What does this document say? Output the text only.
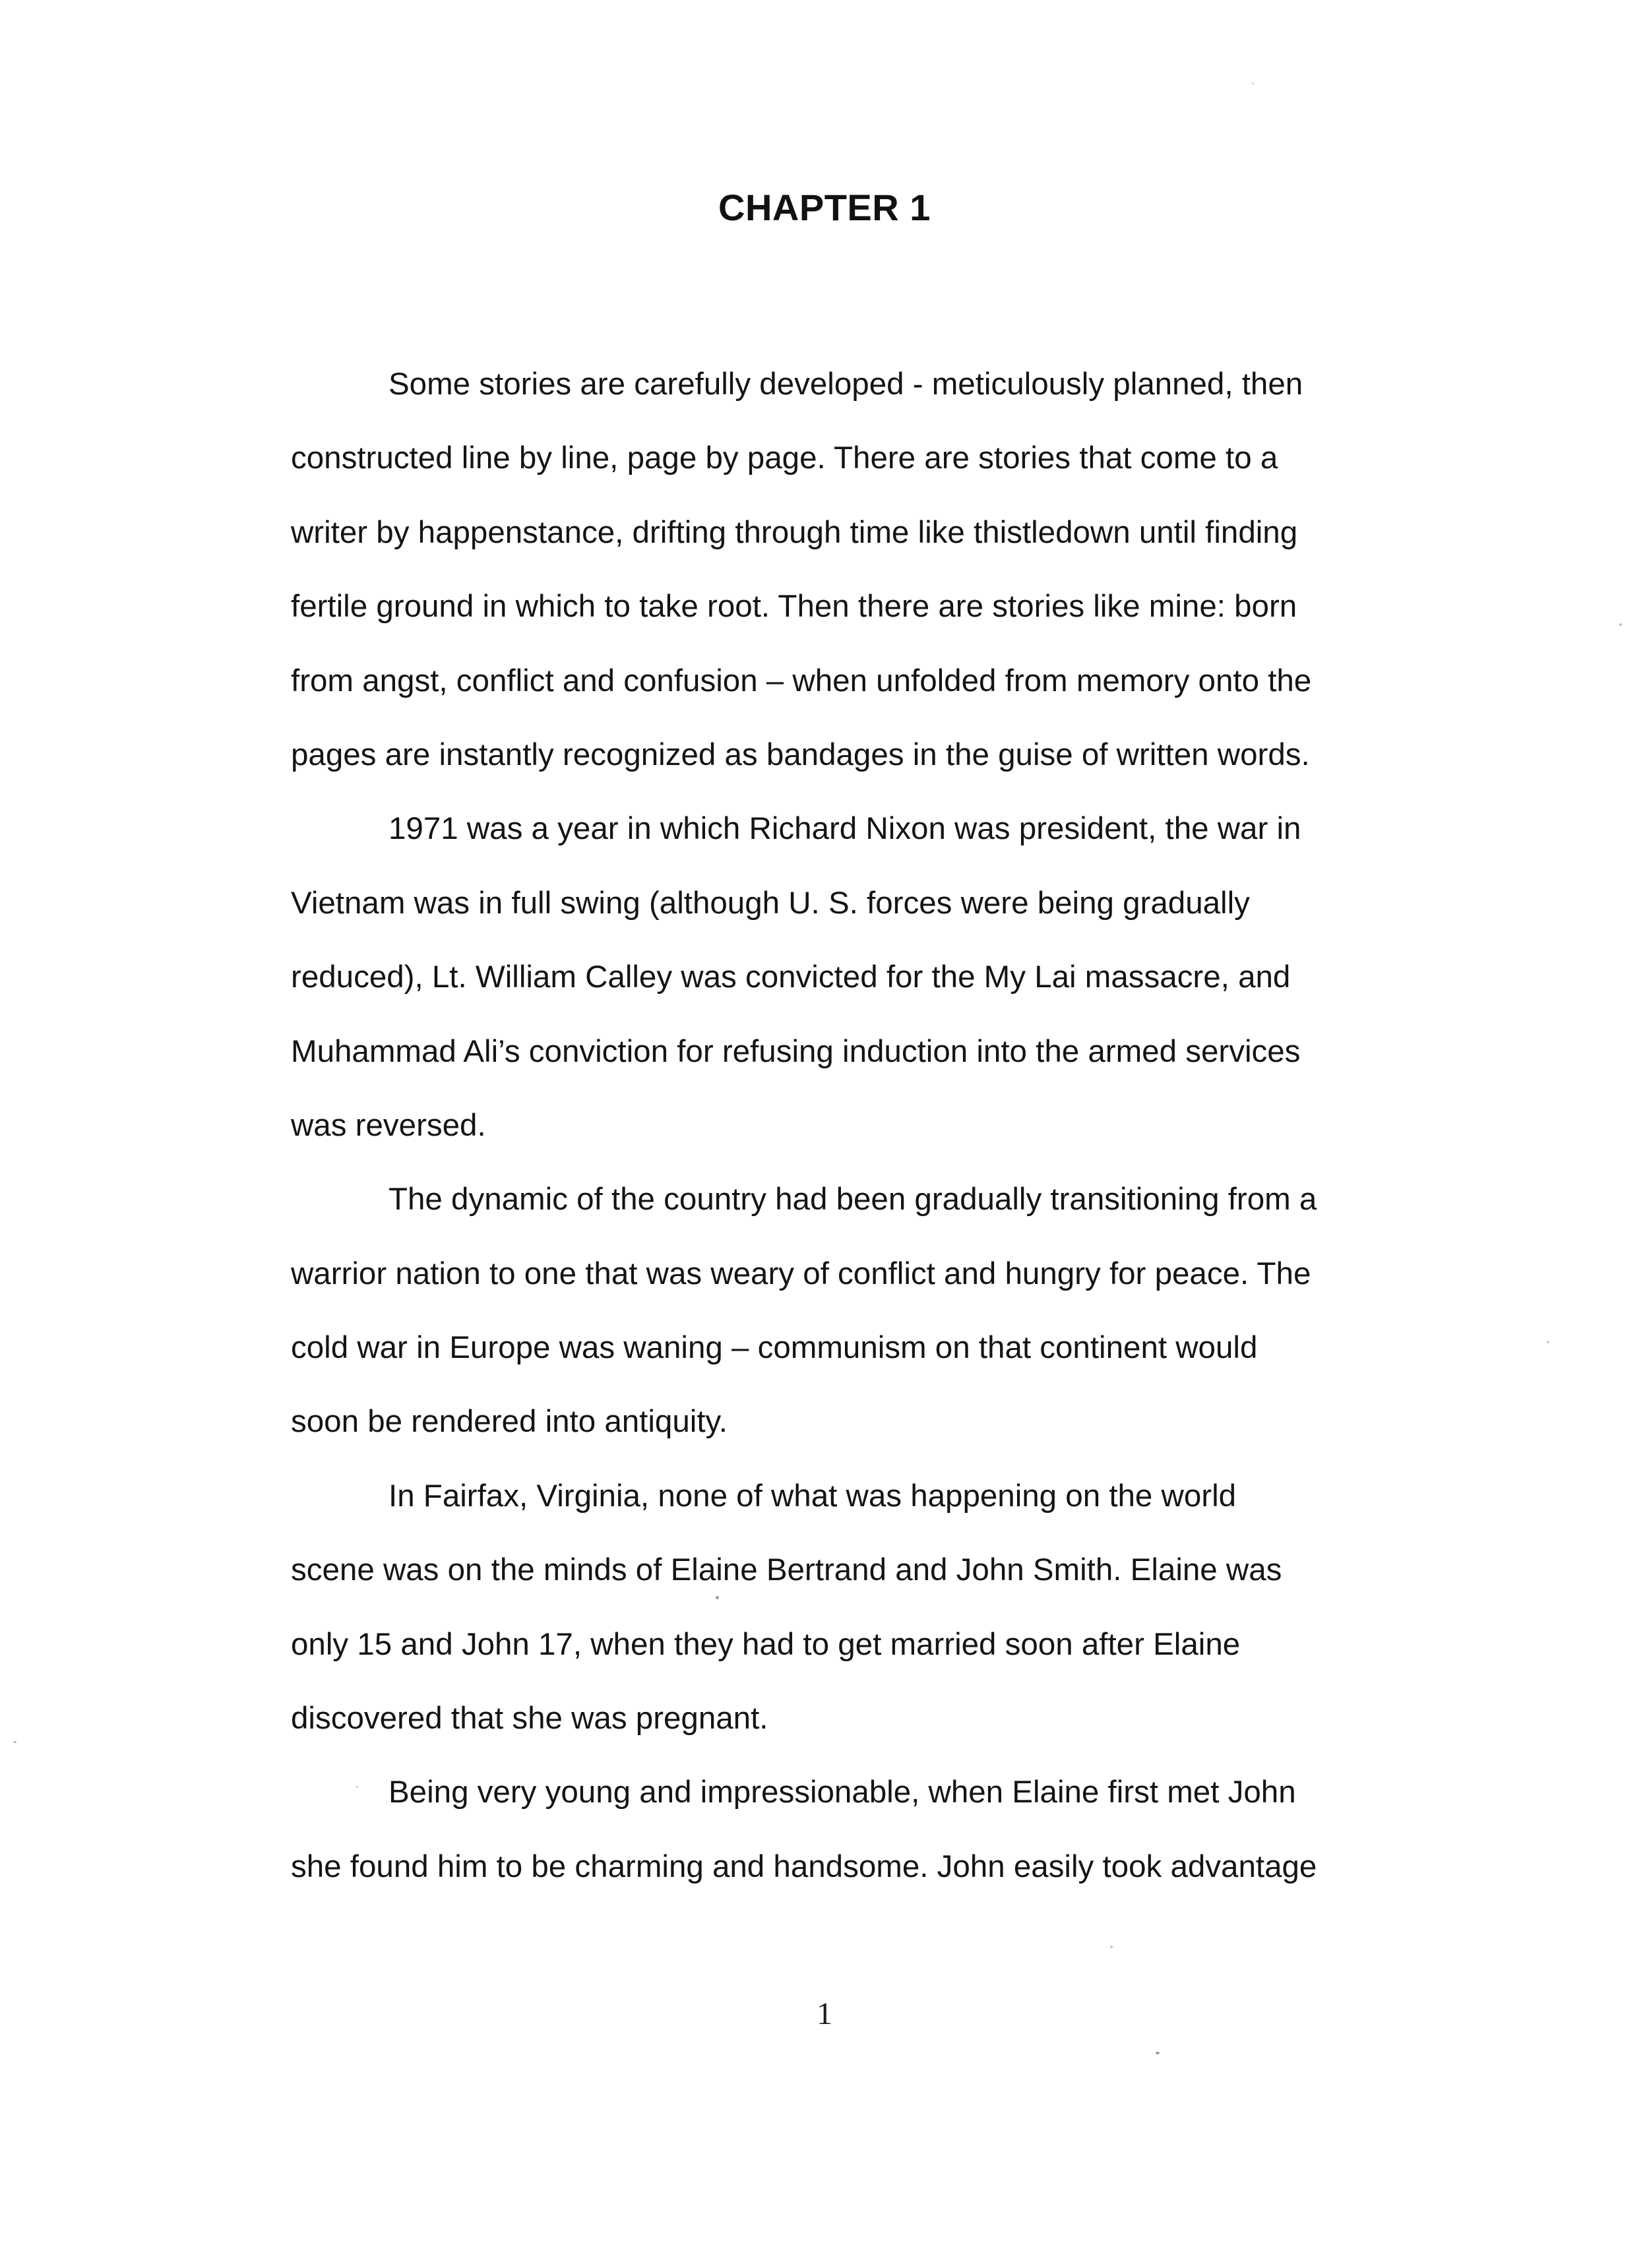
CHAPTER 1
Some stories are carefully developed - meticulously planned, then
constructed line by line, page by page. There are stories that come to a
writer by happenstance, drifting through time like thistledown until finding
fertile ground in which to take root. Then there are stories like mine: born
from angst, conflict and confusion – when unfolded from memory onto the
pages are instantly recognized as bandages in the guise of written words.
1971 was a year in which Richard Nixon was president, the war in
Vietnam was in full swing (although U. S. forces were being gradually
reduced), Lt. William Calley was convicted for the My Lai massacre, and
Muhammad Ali’s conviction for refusing induction into the armed services
was reversed.
The dynamic of the country had been gradually transitioning from a
warrior nation to one that was weary of conflict and hungry for peace. The
cold war in Europe was waning – communism on that continent would
soon be rendered into antiquity.
In Fairfax, Virginia, none of what was happening on the world
scene was on the minds of Elaine Bertrand and John Smith. Elaine was
only 15 and John 17, when they had to get married soon after Elaine
discovered that she was pregnant.
Being very young and impressionable, when Elaine first met John
she found him to be charming and handsome. John easily took advantage
1
